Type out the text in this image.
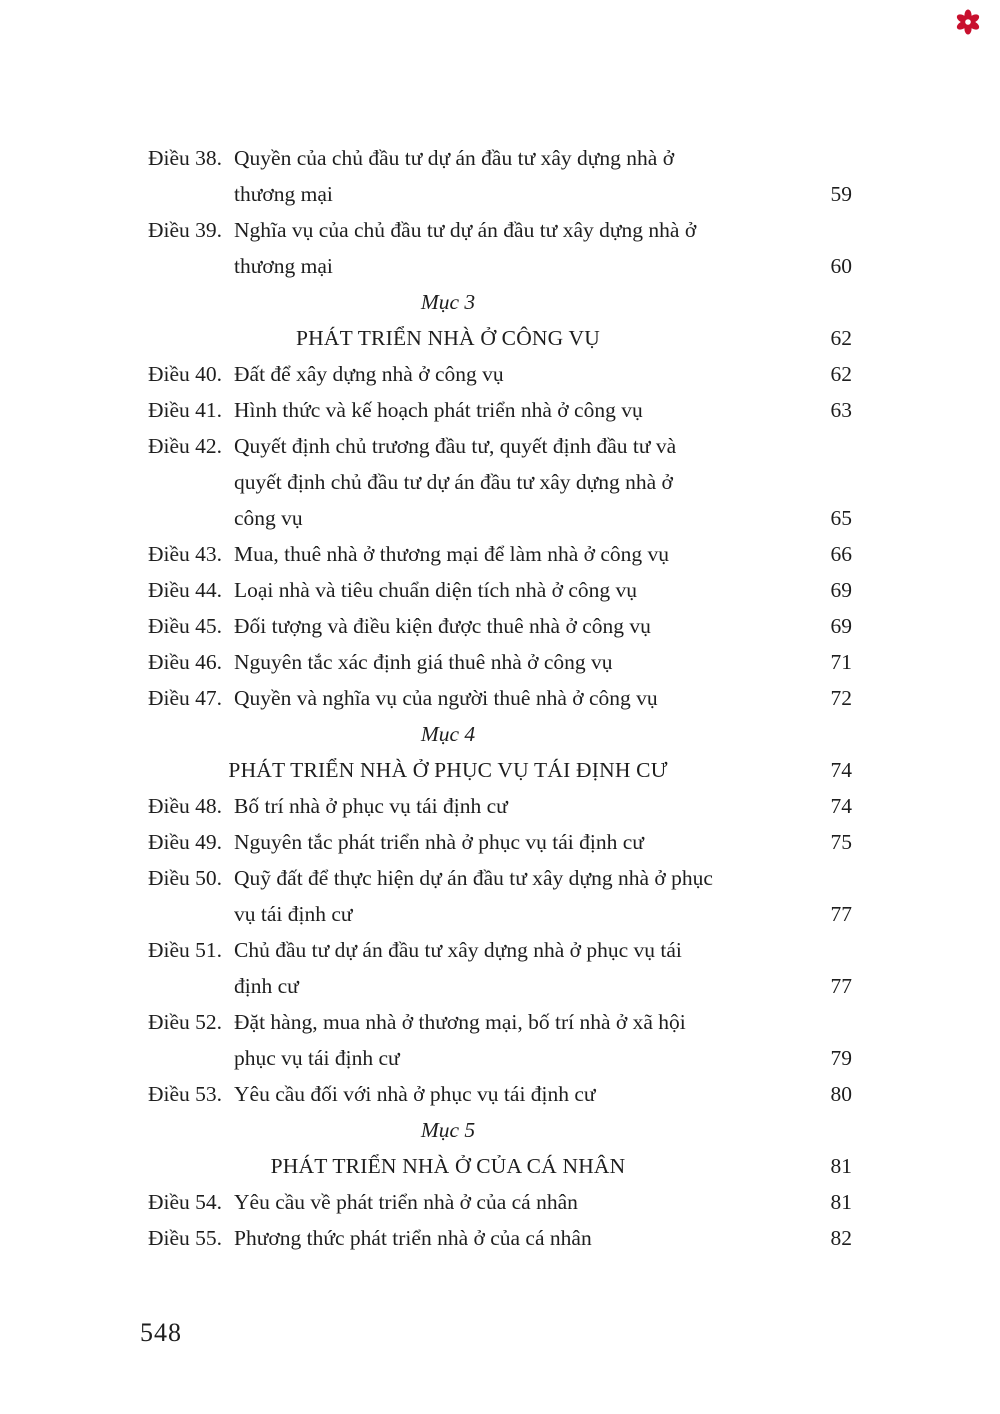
Điều 38. Quyền của chủ đầu tư dự án đầu tư xây dựng nhà ở
thương mại	59
Điều 39. Nghĩa vụ của chủ đầu tư dự án đầu tư xây dựng nhà ở
thương mại	60
Mục 3
PHÁT TRIỂN NHÀ Ở CÔNG VỤ	62
Điều 40. Đất để xây dựng nhà ở công vụ	62
Điều 41. Hình thức và kế hoạch phát triển nhà ở công vụ	63
Điều 42. Quyết định chủ trương đầu tư, quyết định đầu tư và
quyết định chủ đầu tư dự án đầu tư xây dựng nhà ở
công vụ	65
Điều 43. Mua, thuê nhà ở thương mại để làm nhà ở công vụ	66
Điều 44. Loại nhà và tiêu chuẩn diện tích nhà ở công vụ	69
Điều 45. Đối tượng và điều kiện được thuê nhà ở công vụ	69
Điều 46. Nguyên tắc xác định giá thuê nhà ở công vụ	71
Điều 47. Quyền và nghĩa vụ của người thuê nhà ở công vụ	72
Mục 4
PHÁT TRIỂN NHÀ Ở PHỤC VỤ TÁI ĐỊNH CƯ	74
Điều 48. Bố trí nhà ở phục vụ tái định cư	74
Điều 49. Nguyên tắc phát triển nhà ở phục vụ tái định cư	75
Điều 50. Quỹ đất để thực hiện dự án đầu tư xây dựng nhà ở phục
vụ tái định cư	77
Điều 51. Chủ đầu tư dự án đầu tư xây dựng nhà ở phục vụ tái
định cư	77
Điều 52. Đặt hàng, mua nhà ở thương mại, bố trí nhà ở xã hội
phục vụ tái định cư	79
Điều 53. Yêu cầu đối với nhà ở phục vụ tái định cư	80
Mục 5
PHÁT TRIỂN NHÀ Ở CỦA CÁ NHÂN	81
Điều 54. Yêu cầu về phát triển nhà ở của cá nhân	81
Điều 55. Phương thức phát triển nhà ở của cá nhân	82
548
